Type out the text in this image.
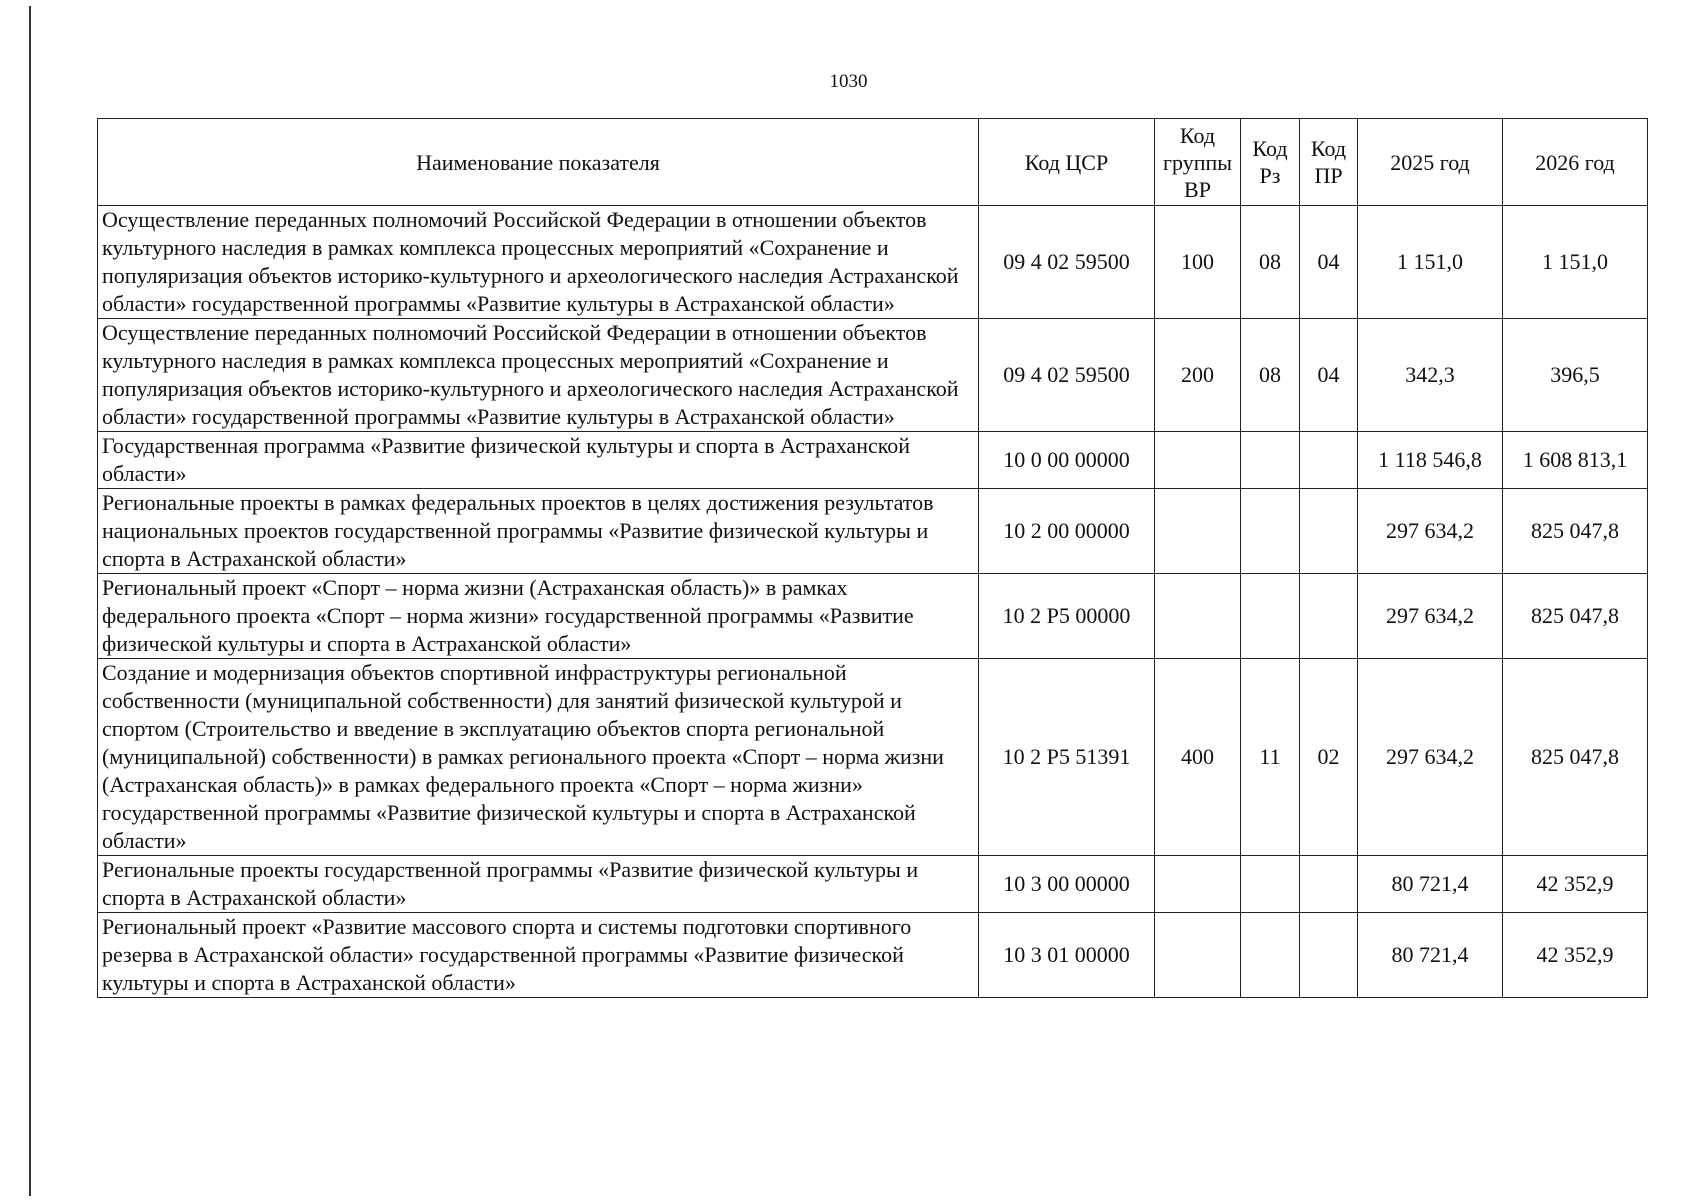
1030
Наименование показателя	Код ЦСР	Код группы ВР	Код Рз	Код ПР	2025 год	2026 год
Осуществление переданных полномочий Российской Федерации в отношении объектов культурного наследия в рамках комплекса процессных мероприятий «Сохранение и популяризация объектов историко-культурного и археологического наследия Астраханской области» государственной программы «Развитие культуры в Астраханской области»	09 4 02 59500	100	08	04	1 151,0	1 151,0
Осуществление переданных полномочий Российской Федерации в отношении объектов культурного наследия в рамках комплекса процессных мероприятий «Сохранение и популяризация объектов историко-культурного и археологического наследия Астраханской области» государственной программы «Развитие культуры в Астраханской области»	09 4 02 59500	200	08	04	342,3	396,5
Государственная программа «Развитие физической культуры и спорта в Астраханской области»	10 0 00 00000				1 118 546,8	1 608 813,1
Региональные проекты в рамках федеральных проектов в целях достижения результатов национальных проектов государственной программы «Развитие физической культуры и спорта в Астраханской области»	10 2 00 00000				297 634,2	825 047,8
Региональный проект «Спорт – норма жизни (Астраханская область)» в рамках федерального проекта «Спорт – норма жизни» государственной программы «Развитие физической культуры и спорта в Астраханской области»	10 2 P5 00000				297 634,2	825 047,8
Создание и модернизация объектов спортивной инфраструктуры региональной собственности (муниципальной собственности) для занятий физической культурой и спортом (Строительство и введение в эксплуатацию объектов спорта региональной (муниципальной) собственности) в рамках регионального проекта «Спорт – норма жизни (Астраханская область)» в рамках федерального проекта «Спорт – норма жизни» государственной программы «Развитие физической культуры и спорта в Астраханской области»	10 2 P5 51391	400	11	02	297 634,2	825 047,8
Региональные проекты государственной программы «Развитие физической культуры и спорта в Астраханской области»	10 3 00 00000				80 721,4	42 352,9
Региональный проект «Развитие массового спорта и системы подготовки спортивного резерва в Астраханской области» государственной программы «Развитие физической культуры и спорта в Астраханской области»	10 3 01 00000				80 721,4	42 352,9
